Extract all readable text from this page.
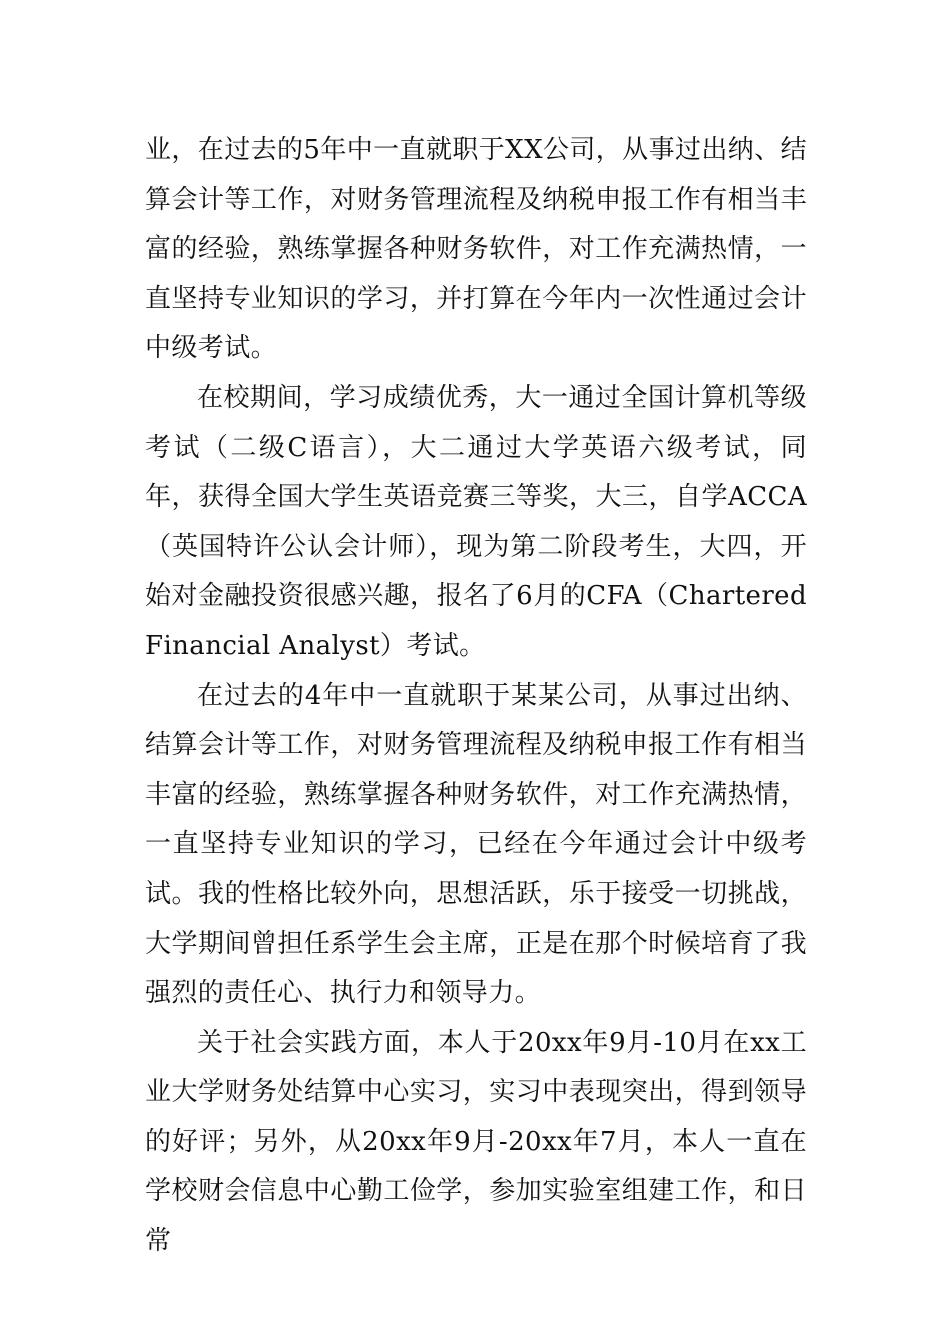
业，在过去的5年中一直就职于XX公司，从事过出纳、结算会计等工作，对财务管理流程及纳税申报工作有相当丰富的经验，熟练掌握各种财务软件，对工作充满热情，一直坚持专业知识的学习，并打算在今年内一次性通过会计中级考试。

在校期间，学习成绩优秀，大一通过全国计算机等级考试（二级C语言），大二通过大学英语六级考试，同年，获得全国大学生英语竞赛三等奖，大三，自学ACCA（英国特许公认会计师），现为第二阶段考生，大四，开始对金融投资很感兴趣，报名了6月的CFA（Chartered Financial Analyst）考试。

在过去的4年中一直就职于某某公司，从事过出纳、结算会计等工作，对财务管理流程及纳税申报工作有相当丰富的经验，熟练掌握各种财务软件，对工作充满热情，一直坚持专业知识的学习，已经在今年通过会计中级考试。我的性格比较外向，思想活跃，乐于接受一切挑战，大学期间曾担任系学生会主席，正是在那个时候培育了我强烈的责任心、执行力和领导力。

关于社会实践方面，本人于20xx年9月-10月在xx工业大学财务处结算中心实习，实习中表现突出，得到领导的好评；另外，从20xx年9月-20xx年7月，本人一直在学校财会信息中心勤工俭学，参加实验室组建工作，和日常
